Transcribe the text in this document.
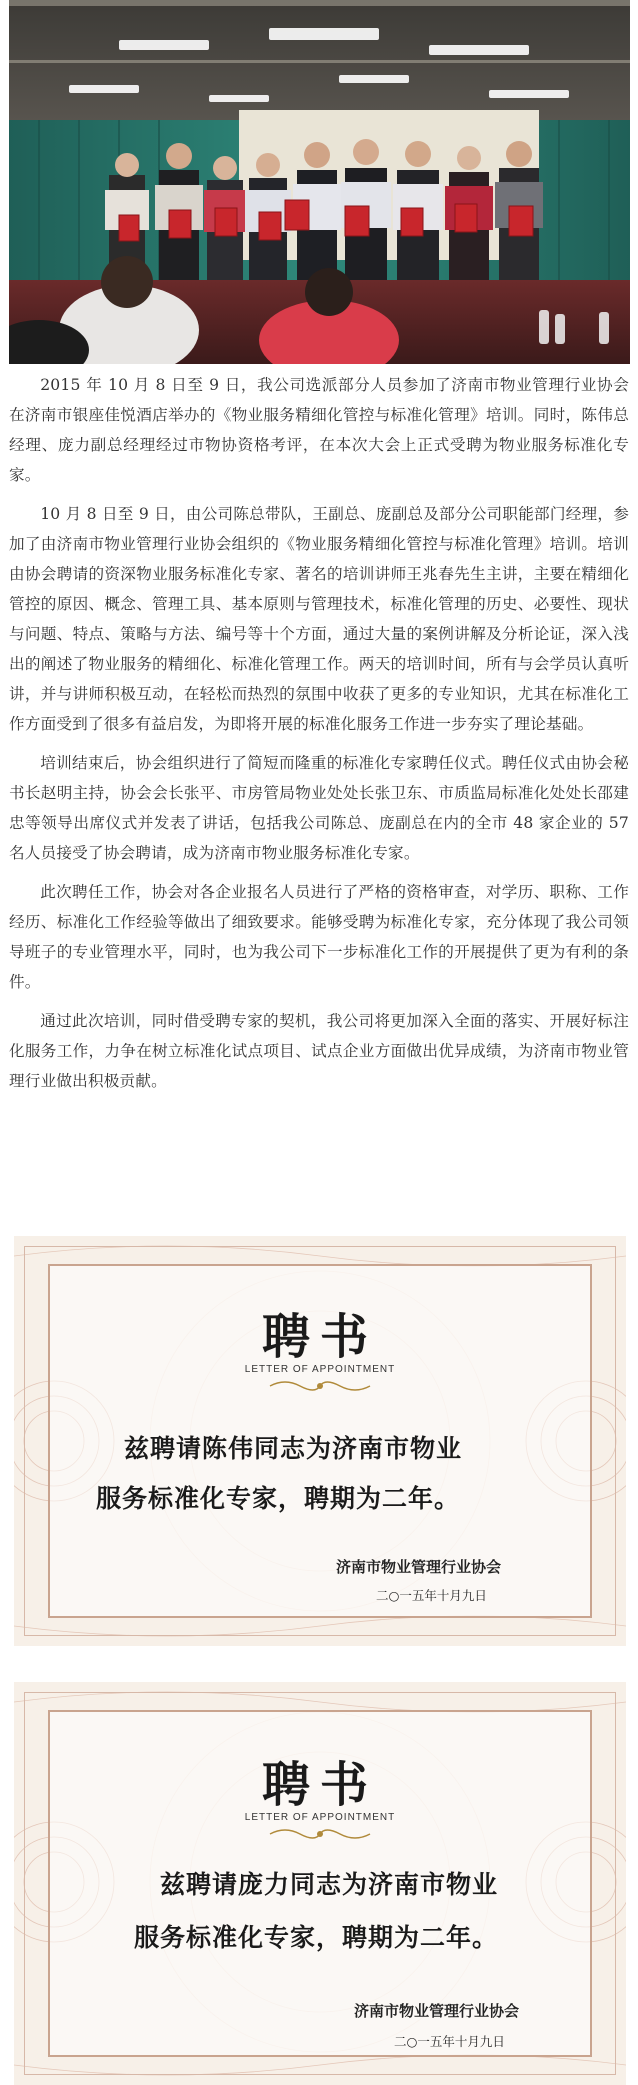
2015 年 10 月 8 日至 9 日，我公司选派部分人员参加了济南市物业管理行业协会在济南市银座佳悦酒店举办的《物业服务精细化管控与标准化管理》培训。同时，陈伟总经理、庞力副总经理经过市物协资格考评，在本次大会上正式受聘为物业服务标准化专家。

10 月 8 日至 9 日，由公司陈总带队，王副总、庞副总及部分公司职能部门经理，参加了由济南市物业管理行业协会组织的《物业服务精细化管控与标准化管理》培训。培训由协会聘请的资深物业服务标准化专家、著名的培训讲师王兆春先生主讲，主要在精细化管控的原因、概念、管理工具、基本原则与管理技术，标准化管理的历史、必要性、现状与问题、特点、策略与方法、编号等十个方面，通过大量的案例讲解及分析论证，深入浅出的阐述了物业服务的精细化、标准化管理工作。两天的培训时间，所有与会学员认真听讲，并与讲师积极互动，在轻松而热烈的氛围中收获了更多的专业知识，尤其在标准化工作方面受到了很多有益启发，为即将开展的标准化服务工作进一步夯实了理论基础。

培训结束后，协会组织进行了简短而隆重的标准化专家聘任仪式。聘任仪式由协会秘书长赵明主持，协会会长张平、市房管局物业处处长张卫东、市质监局标准化处处长邵建忠等领导出席仪式并发表了讲话，包括我公司陈总、庞副总在内的全市 48 家企业的 57 名人员接受了协会聘请，成为济南市物业服务标准化专家。

此次聘任工作，协会对各企业报名人员进行了严格的资格审查，对学历、职称、工作经历、标准化工作经验等做出了细致要求。能够受聘为标准化专家，充分体现了我公司领导班子的专业管理水平，同时，也为我公司下一步标准化工作的开展提供了更为有利的条件。

通过此次培训，同时借受聘专家的契机，我公司将更加深入全面的落实、开展好标注化服务工作，力争在树立标准化试点项目、试点企业方面做出优异成绩，为济南市物业管理行业做出积极贡献。

聘书
LETTER OF APPOINTMENT
兹聘请陈伟同志为济南市物业
服务标准化专家，聘期为二年。
济南市物业管理行业协会
二○一五年十月九日
聘书
LETTER OF APPOINTMENT
兹聘请庞力同志为济南市物业
服务标准化专家，聘期为二年。
济南市物业管理行业协会
二○一五年十月九日
